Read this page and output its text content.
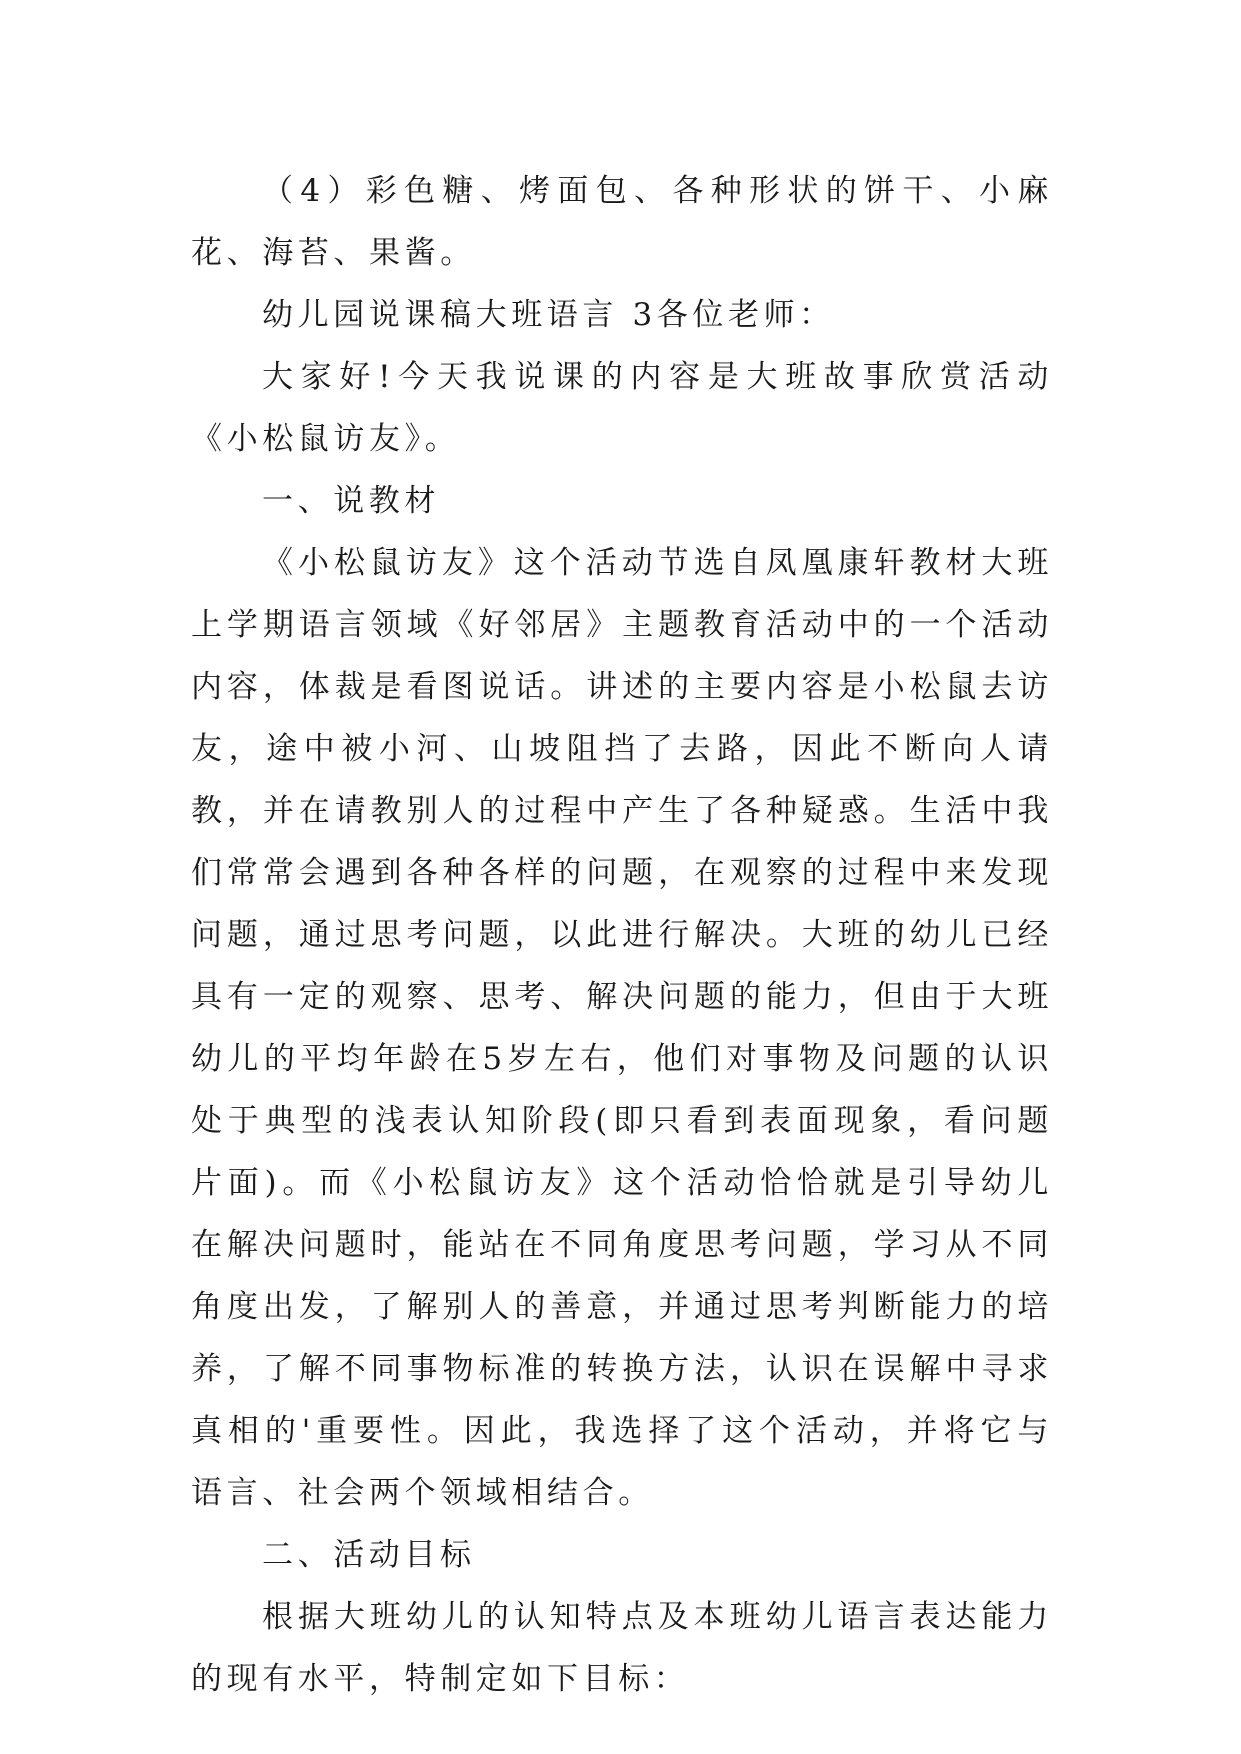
（4）彩色糖、烤面包、各种形状的饼干、小麻花、海苔、果酱。

幼儿园说课稿大班语言 3各位老师：

大家好!今天我说课的内容是大班故事欣赏活动《小松鼠访友》。

一、说教材

《小松鼠访友》这个活动节选自凤凰康轩教材大班上学期语言领域《好邻居》主题教育活动中的一个活动内容，体裁是看图说话。讲述的主要内容是小松鼠去访友，途中被小河、山坡阻挡了去路，因此不断向人请教，并在请教别人的过程中产生了各种疑惑。生活中我们常常会遇到各种各样的问题，在观察的过程中来发现问题，通过思考问题，以此进行解决。大班的幼儿已经具有一定的观察、思考、解决问题的能力，但由于大班幼儿的平均年龄在5岁左右，他们对事物及问题的认识处于典型的浅表认知阶段(即只看到表面现象，看问题片面)。而《小松鼠访友》这个活动恰恰就是引导幼儿在解决问题时，能站在不同角度思考问题，学习从不同角度出发，了解别人的善意，并通过思考判断能力的培养，了解不同事物标准的转换方法，认识在误解中寻求真相的'重要性。因此，我选择了这个活动，并将它与语言、社会两个领域相结合。

二、活动目标

根据大班幼儿的认知特点及本班幼儿语言表达能力的现有水平，特制定如下目标：
